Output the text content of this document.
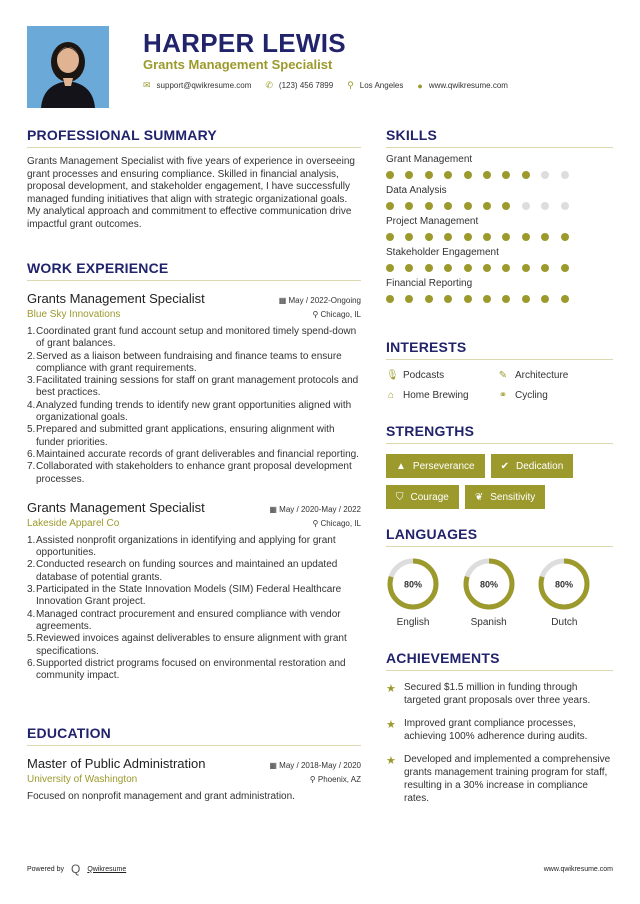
HARPER LEWIS
Grants Management Specialist
✉ support@qwikresume.com ✆ (123) 456 7899 ⚲ Los Angeles ● www.qwikresume.com
PROFESSIONAL SUMMARY
Grants Management Specialist with five years of experience in overseeing grant processes and ensuring compliance. Skilled in financial analysis, proposal development, and stakeholder engagement, I have successfully managed funding initiatives that align with strategic organizational goals. My analytical approach and commitment to effective communication drive impactful grant outcomes.
WORK EXPERIENCE
Grants Management Specialist	▦ May / 2022-Ongoing
Blue Sky Innovations	⚲ Chicago, IL
1. Coordinated grant fund account setup and monitored timely spend-down of grant balances.
2. Served as a liaison between fundraising and finance teams to ensure compliance with grant requirements.
3. Facilitated training sessions for staff on grant management protocols and best practices.
4. Analyzed funding trends to identify new grant opportunities aligned with organizational goals.
5. Prepared and submitted grant applications, ensuring alignment with funder priorities.
6. Maintained accurate records of grant deliverables and financial reporting.
7. Collaborated with stakeholders to enhance grant proposal development processes.
Grants Management Specialist	▦ May / 2020-May / 2022
Lakeside Apparel Co	⚲ Chicago, IL
1. Assisted nonprofit organizations in identifying and applying for grant opportunities.
2. Conducted research on funding sources and maintained an updated database of potential grants.
3. Participated in the State Innovation Models (SIM) Federal Healthcare Innovation Grant project.
4. Managed contract procurement and ensured compliance with vendor agreements.
5. Reviewed invoices against deliverables to ensure alignment with grant specifications.
6. Supported district programs focused on environmental restoration and community impact.
EDUCATION
Master of Public Administration	▦ May / 2018-May / 2020
University of Washington	⚲ Phoenix, AZ
Focused on nonprofit management and grant administration.
SKILLS
Grant Management
Data Analysis
Project Management
Stakeholder Engagement
Financial Reporting
INTERESTS
🎙 Podcasts	✎ Architecture
⌂ Home Brewing	⚭ Cycling
STRENGTHS
▲ Perseverance	✔ Dedication
⛉ Courage	❦ Sensitivity
LANGUAGES
80%
English
80%
Spanish
80%
Dutch
ACHIEVEMENTS
★ Secured $1.5 million in funding through targeted grant proposals over three years.
★ Improved grant compliance processes, achieving 100% adherence during audits.
★ Developed and implemented a comprehensive grants management training program for staff, resulting in a 30% increase in compliance rates.
Powered by Q Qwikresume	www.qwikresume.com
